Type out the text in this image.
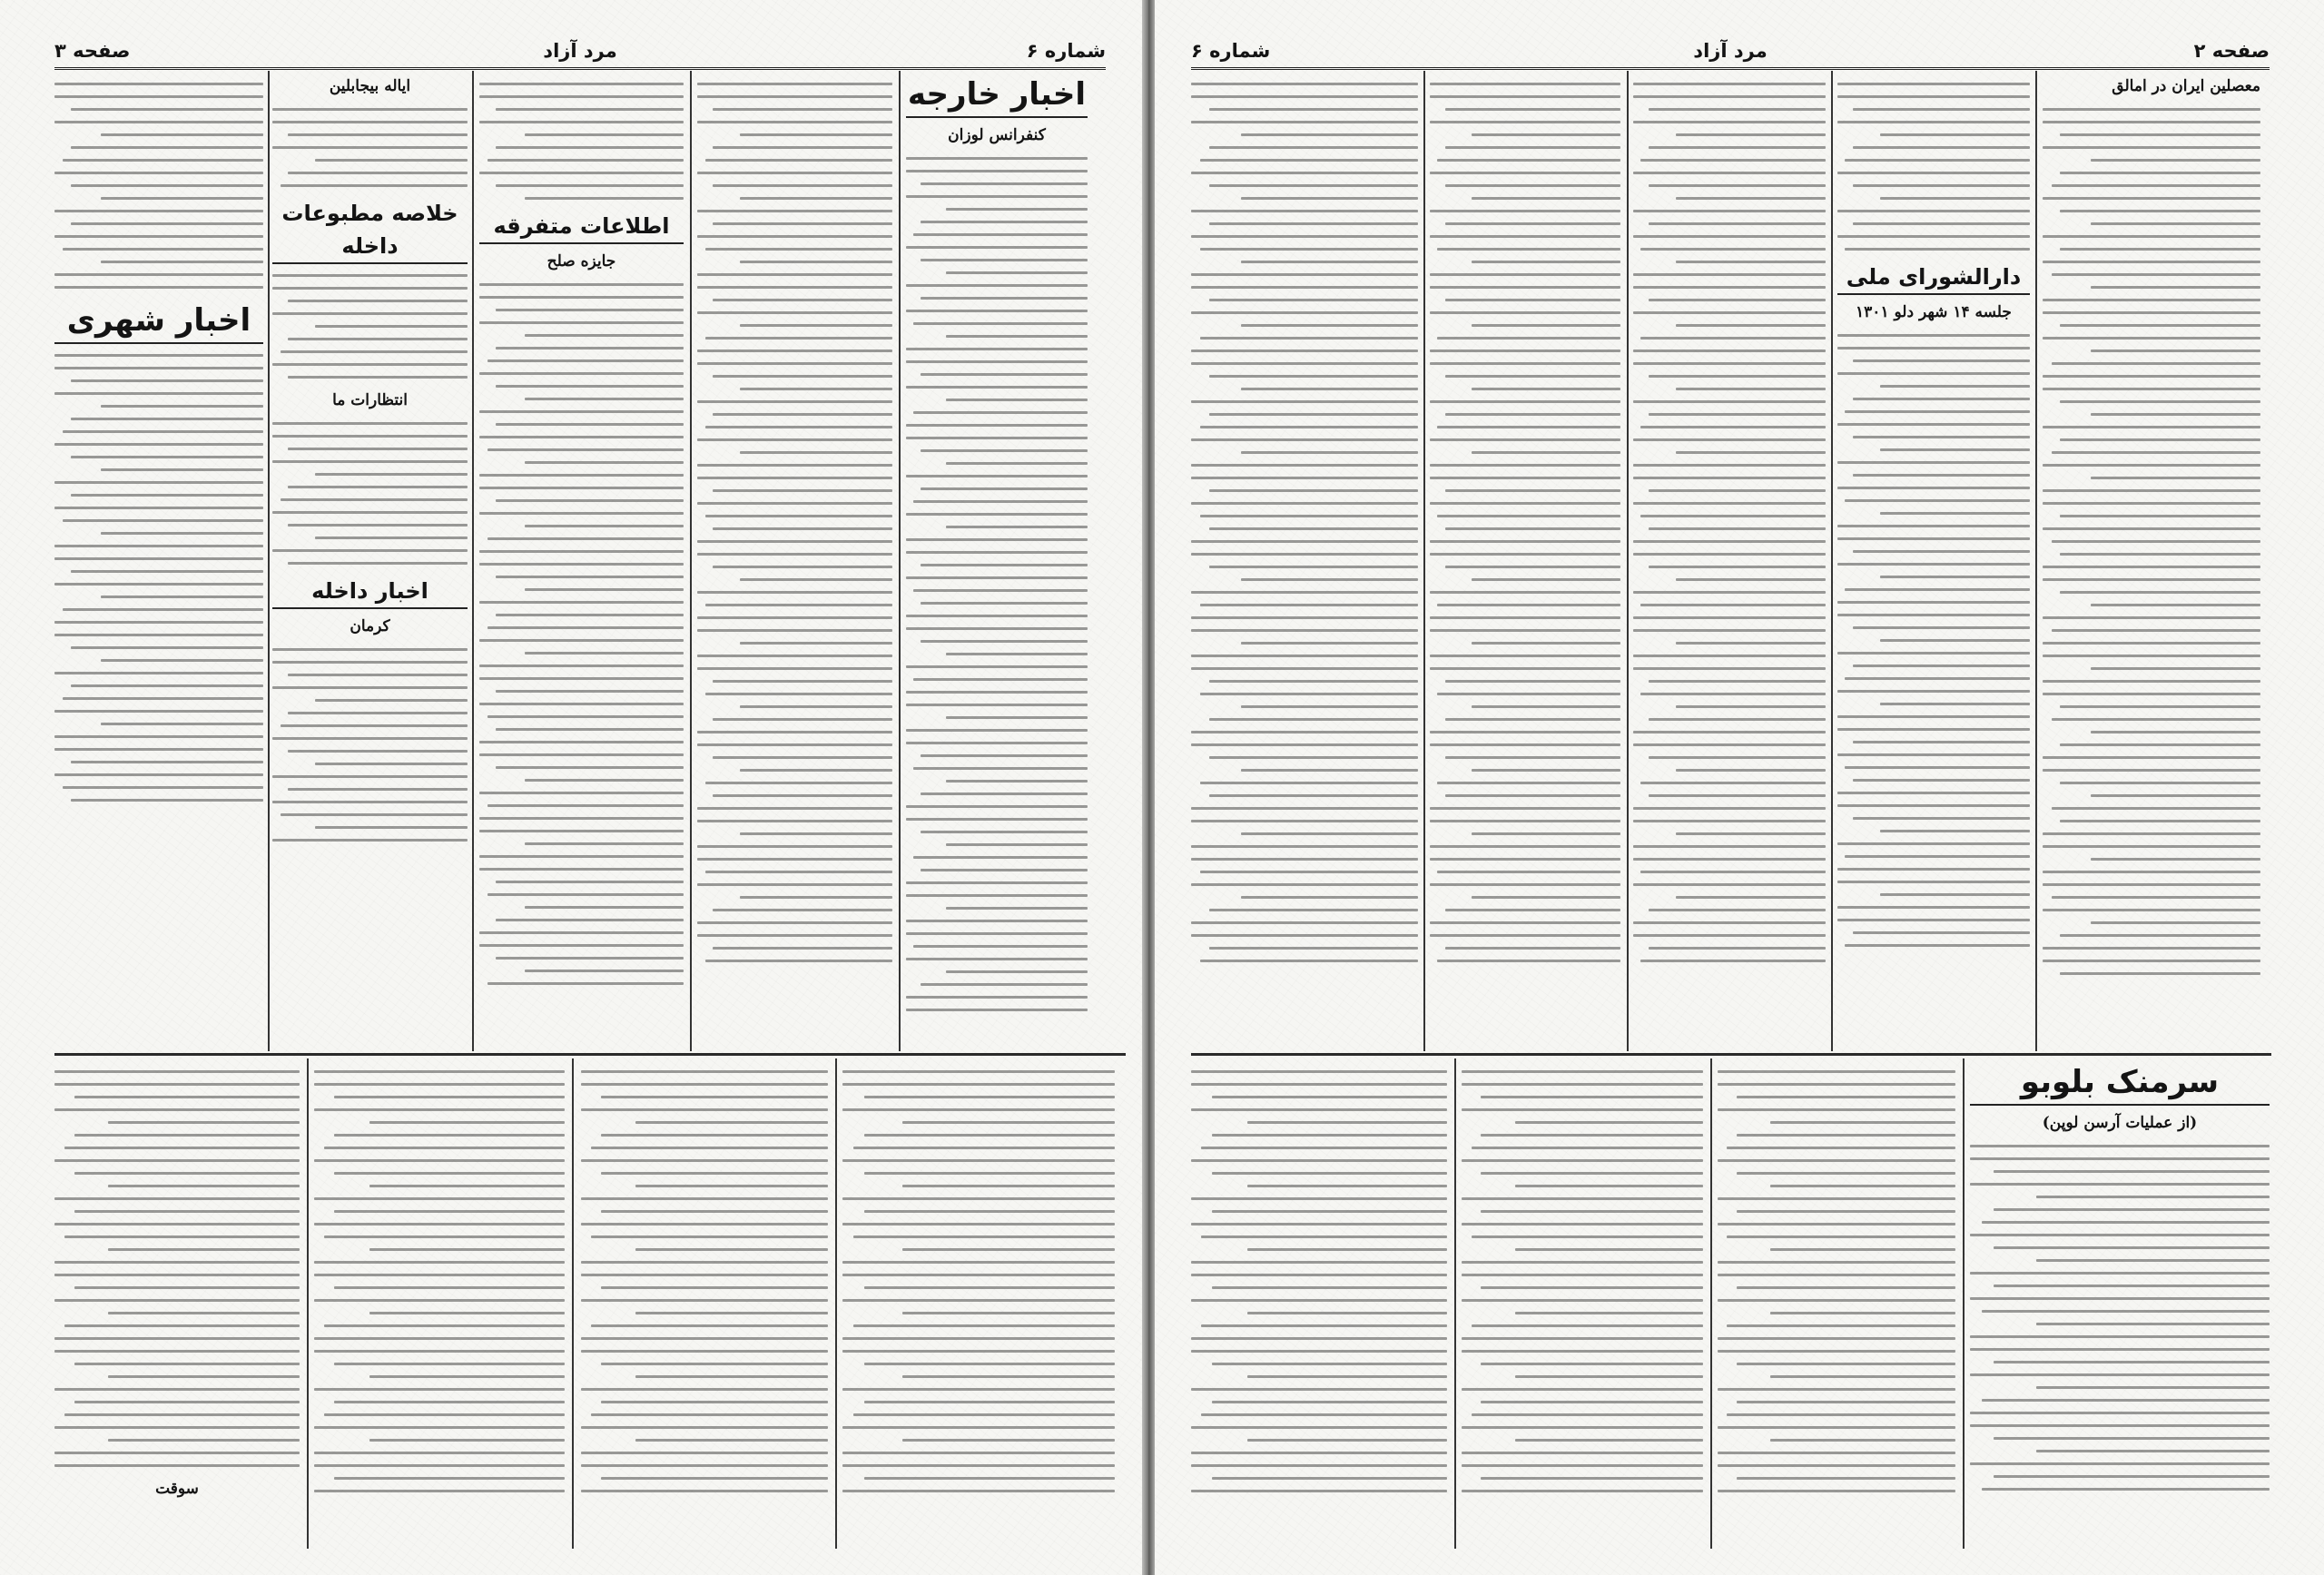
شماره ۶
مرد آزاد
صفحه ۳
اخبار خارجه
کنفرانس لوزان
اطلاعات متفرقه
جایزه صلح
ایاله بیجابلین
خلاصه مطبوعات داخله
انتظارات ما
اخبار داخله
کرمان
اخبار شهری
سوقت
صفحه ۲
مرد آزاد
شماره ۶
معصلین ایران در امالق
دارالشورای ملی
جلسه ۱۴ شهر دلو ۱۳۰۱
سرمنک بلوبو
(از عملیات آرسن لوپن)
